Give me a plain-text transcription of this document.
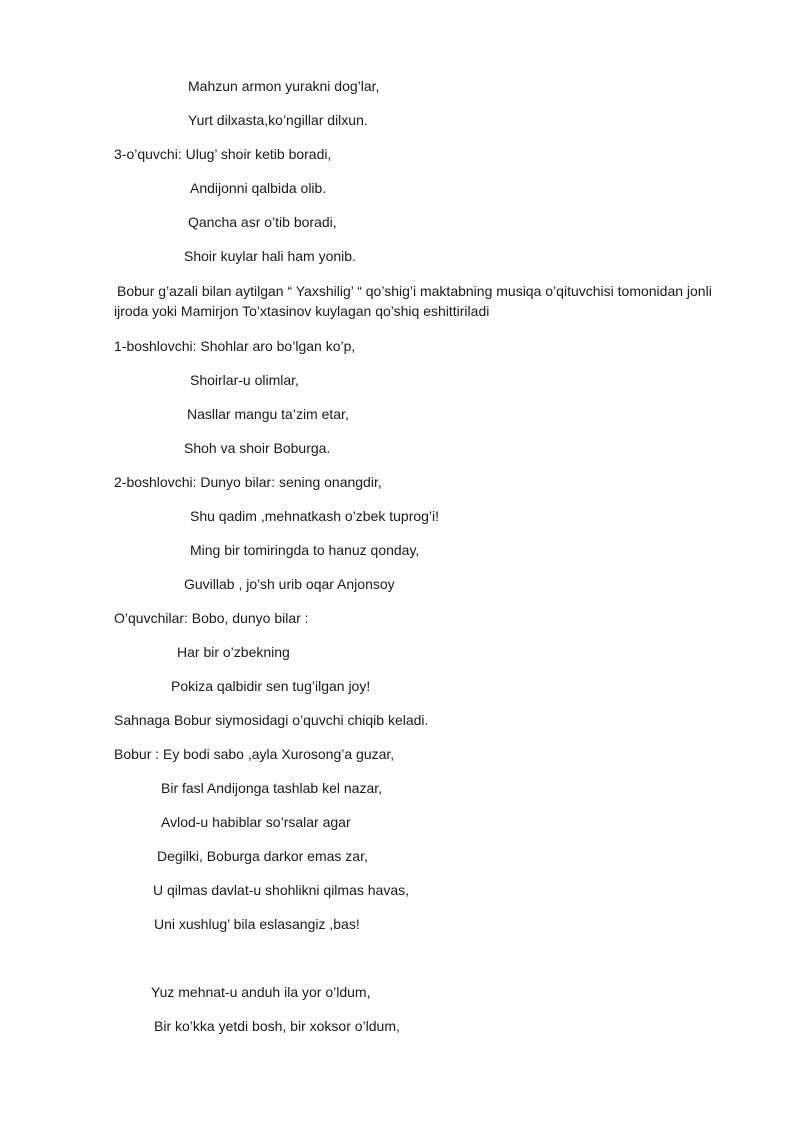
Mahzun armon yurakni dog’lar,
Yurt dilxasta,ko’ngillar dilxun.
3-o’quvchi: Ulug’ shoir ketib boradi,
Andijonni qalbida olib.
Qancha asr o’tib boradi,
Shoir kuylar hali ham yonib.
Bobur g’azali bilan aytilgan “ Yaxshilig’ “ qo’shig’i maktabning musiqa o’qituvchisi tomonidan jonli ijroda yoki Mamirjon To’xtasinov kuylagan qo’shiq eshittiriladi
1-boshlovchi: Shohlar aro bo’lgan ko’p,
Shoirlar-u olimlar,
Nasllar mangu ta’zim etar,
Shoh va shoir Boburga.
2-boshlovchi: Dunyo bilar: sening onangdir,
Shu qadim ,mehnatkash o’zbek tuprog’i!
Ming bir tomiringda to hanuz qonday,
Guvillab , jo’sh urib oqar Anjonsoy
O’quvchilar: Bobo, dunyo bilar :
Har bir o’zbekning
Pokiza qalbidir sen tug’ilgan joy!
Sahnaga Bobur siymosidagi o’quvchi chiqib keladi.
Bobur : Ey bodi sabo ,ayla Xurosong’a guzar,
Bir fasl Andijonga tashlab kel nazar,
Avlod-u habiblar so’rsalar agar
Degilki, Boburga darkor emas zar,
U qilmas davlat-u shohlikni qilmas havas,
Uni xushlug’ bila eslasangiz ,bas!
Yuz mehnat-u anduh ila yor o’ldum,
Bir ko’kka yetdi bosh, bir xoksor o’ldum,
